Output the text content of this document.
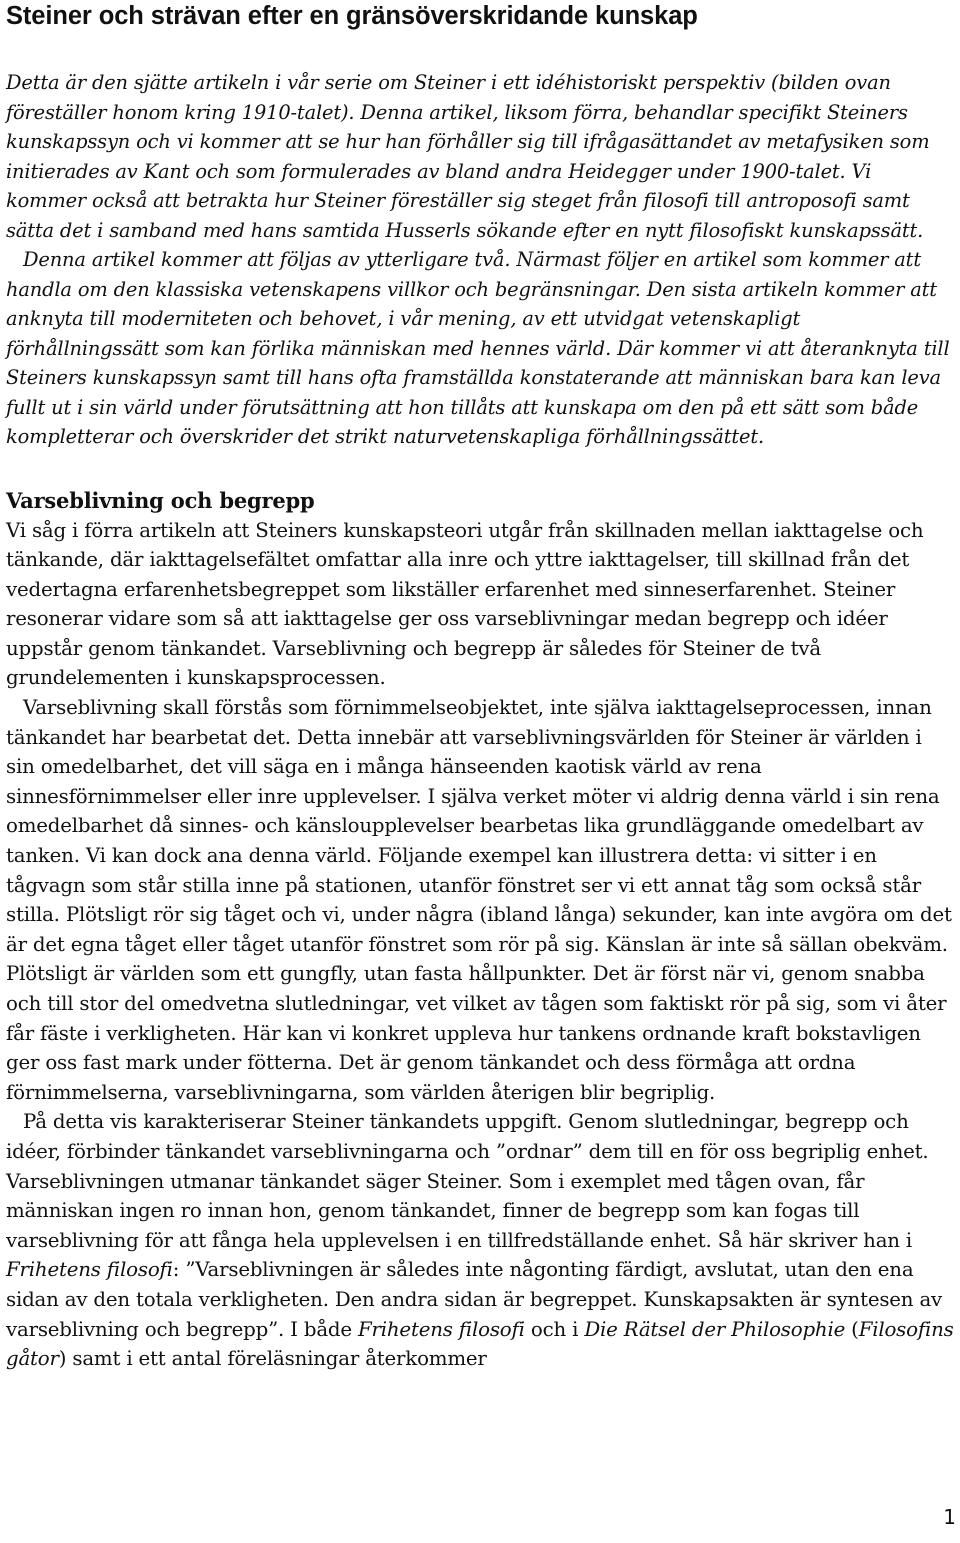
Steiner och strävan efter en gränsöverskridande kunskap

Detta är den sjätte artikeln i vår serie om Steiner i ett idéhistoriskt perspektiv (bilden ovan föreställer honom kring 1910-talet). Denna artikel, liksom förra, behandlar specifikt Steiners kunskapssyn och vi kommer att se hur han förhåller sig till ifrågasättandet av metafysiken som initierades av Kant och som formulerades av bland andra Heidegger under 1900-talet. Vi kommer också att betrakta hur Steiner föreställer sig steget från filosofi till antroposofi samt sätta det i samband med hans samtida Husserls sökande efter en nytt filosofiskt kunskapssätt.

Denna artikel kommer att följas av ytterligare två. Närmast följer en artikel som kommer att handla om den klassiska vetenskapens villkor och begränsningar. Den sista artikeln kommer att anknyta till moderniteten och behovet, i vår mening, av ett utvidgat vetenskapligt förhållningssätt som kan förlika människan med hennes värld. Där kommer vi att återanknyta till Steiners kunskapssyn samt till hans ofta framställda konstaterande att människan bara kan leva fullt ut i sin värld under förutsättning att hon tillåts att kunskapa om den på ett sätt som både kompletterar och överskrider det strikt naturvetenskapliga förhållningssättet.

Varseblivning och begrepp

Vi såg i förra artikeln att Steiners kunskapsteori utgår från skillnaden mellan iakttagelse och tänkande, där iakttagelsefältet omfattar alla inre och yttre iakttagelser, till skillnad från det vedertagna erfarenhetsbegreppet som likställer erfarenhet med sinneserfarenhet. Steiner resonerar vidare som så att iakttagelse ger oss varseblivningar medan begrepp och idéer uppstår genom tänkandet. Varseblivning och begrepp är således för Steiner de två grundelementen i kunskapsprocessen.

Varseblivning skall förstås som förnimmelseobjektet, inte själva iakttagelseprocessen, innan tänkandet har bearbetat det. Detta innebär att varseblivningsvärlden för Steiner är världen i sin omedelbarhet, det vill säga en i många hänseenden kaotisk värld av rena sinnesförnimmelser eller inre upplevelser. I själva verket möter vi aldrig denna värld i sin rena omedelbarhet då sinnes- och känsloupplevelser bearbetas lika grundläggande omedelbart av tanken. Vi kan dock ana denna värld. Följande exempel kan illustrera detta: vi sitter i en tågvagn som står stilla inne på stationen, utanför fönstret ser vi ett annat tåg som också står stilla. Plötsligt rör sig tåget och vi, under några (ibland långa) sekunder, kan inte avgöra om det är det egna tåget eller tåget utanför fönstret som rör på sig. Känslan är inte så sällan obekväm. Plötsligt är världen som ett gungfly, utan fasta hållpunkter. Det är först när vi, genom snabba och till stor del omedvetna slutledningar, vet vilket av tågen som faktiskt rör på sig, som vi åter får fäste i verkligheten. Här kan vi konkret uppleva hur tankens ordnande kraft bokstavligen ger oss fast mark under fötterna. Det är genom tänkandet och dess förmåga att ordna förnimmelserna, varseblivningarna, som världen återigen blir begriplig.

På detta vis karakteriserar Steiner tänkandets uppgift. Genom slutledningar, begrepp och idéer, förbinder tänkandet varseblivningarna och ”ordnar” dem till en för oss begriplig enhet. Varseblivningen utmanar tänkandet säger Steiner. Som i exemplet med tågen ovan, får människan ingen ro innan hon, genom tänkandet, finner de begrepp som kan fogas till varseblivning för att fånga hela upplevelsen i en tillfredställande enhet. Så här skriver han i Frihetens filosofi: ”Varseblivningen är således inte någonting färdigt, avslutat, utan den ena sidan av den totala verkligheten. Den andra sidan är begreppet. Kunskapsakten är syntesen av varseblivning och begrepp”. I både Frihetens filosofi och i Die Rätsel der Philosophie (Filosofins gåtor) samt i ett antal föreläsningar återkommer

1
